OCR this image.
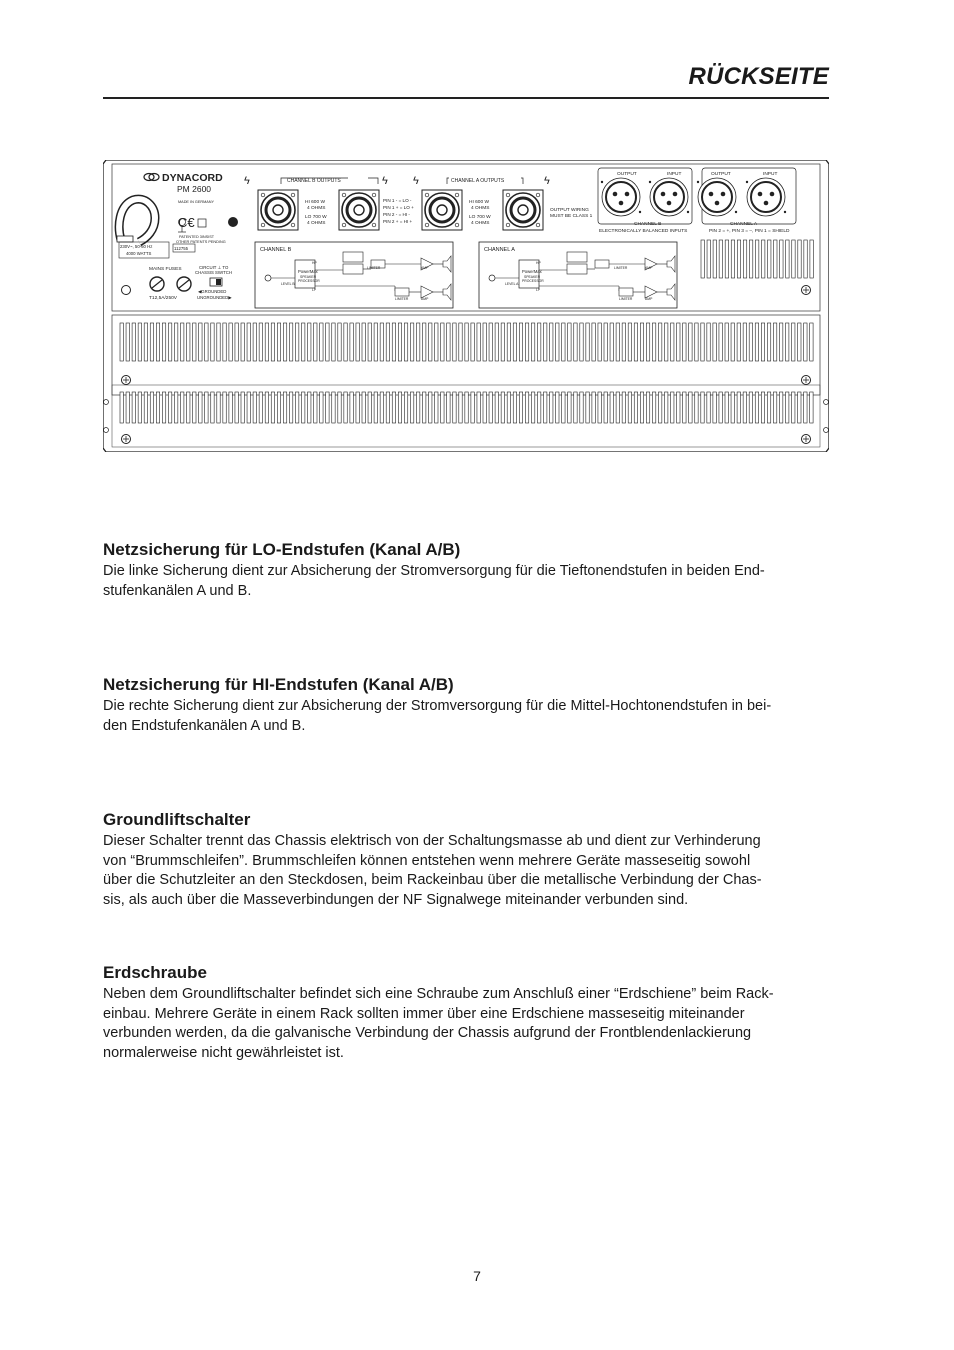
RÜCKSEITE
DYNACORD
PM 2600
MADE IN GERMANY
C€
PATENTED 3INSIST
OTHER PATENTS PENDING
230V~, 50-60 Hz
4000 WATTS
112755
MAINS FUSES
T12,5A/250V
CIRCUIT ⊥ TO
CHASSIS SWITCH
◀GROUNDED
UNGROUNDED▶
CHANNEL B OUTPUTS	CHANNEL A OUTPUTS
ϟ	ϟ ϟ	ϟ
HI 600 W
4 OHMS
LO 700 W
4 OHMS
HI 600 W
4 OHMS
LO 700 W
4 OHMS
PIN 1 - = LO -
PIN 1 + = LO +
PIN 2 - = HI -
PIN 2 + = HI +
OUTPUT WIRING
MUST BE CLASS 1
OUTPUT	INPUT	OUTPUT	INPUT
CHANNEL B	CHANNEL A
ELECTRONICALLY BALANCED INPUTS	PIN 2 = +, PIN 3 = –, PIN 1 = SHIELD
CHANNEL B	CHANNEL A
PowerMax
SPEAKER
PROCESSOR
LEVEL B
PowerMax
SPEAKER
PROCESSOR
LEVEL A
LIMITER
LIMITER
AMP
AMP
LIMITER
LIMITER
AMP
AMP
HP
LP
HP
LP
Netzsicherung für LO-Endstufen (Kanal A/B)

Die linke Sicherung dient zur Absicherung der Stromversorgung für die Tieftonendstufen in beiden End-
stufenkanälen A und B.

Netzsicherung für HI-Endstufen (Kanal A/B)

Die rechte Sicherung dient zur Absicherung der Stromversorgung für die Mittel-Hochtonendstufen in bei-
den Endstufenkanälen A und B.

Groundliftschalter

Dieser Schalter trennt das Chassis elektrisch von der Schaltungsmasse ab und dient zur Verhinderung
von “Brummschleifen”. Brummschleifen können entstehen wenn mehrere Geräte masseseitig sowohl
über die Schutzleiter an den Steckdosen, beim Rackeinbau über die metallische Verbindung der Chas-
sis, als auch über die Masseverbindungen der NF Signalwege miteinander verbunden sind.

Erdschraube

Neben dem Groundliftschalter befindet sich eine Schraube zum Anschluß einer “Erdschiene” beim Rack-
einbau. Mehrere Geräte in einem Rack sollten immer über eine Erdschiene masseseitig miteinander
verbunden werden, da die galvanische Verbindung der Chassis aufgrund der Frontblendenlackierung
normalerweise nicht gewährleistet ist.

7
